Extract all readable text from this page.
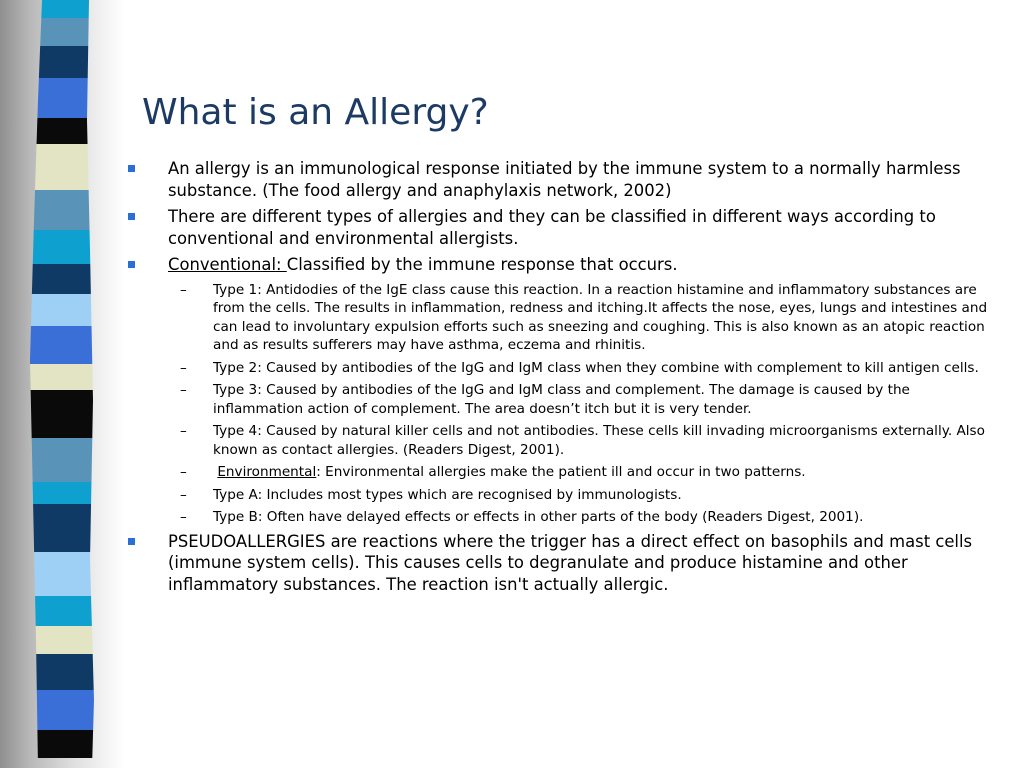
What is an Allergy?
An allergy is an immunological response initiated by the immune system to a normally harmless substance. (The food allergy and anaphylaxis network, 2002)
There are different types of allergies and they can be classified in different ways according to conventional and environmental allergists.
Conventional: Classified by the immune response that occurs.
– Type 1: Antidodies of the IgE class cause this reaction. In a reaction histamine and inflammatory substances are from the cells. The results in inflammation, redness and itching.It affects the nose, eyes, lungs and intestines and can lead to involuntary expulsion efforts such as sneezing and coughing. This is also known as an atopic reaction and as results sufferers may have asthma, eczema and rhinitis.
– Type 2: Caused by antibodies of the IgG and IgM class when they combine with complement to kill antigen cells.
– Type 3: Caused by antibodies of the IgG and IgM class and complement. The damage is caused by the inflammation action of complement. The area doesn’t itch but it is very tender.
– Type 4: Caused by natural killer cells and not antibodies. These cells kill invading microorganisms externally. Also known as contact allergies. (Readers Digest, 2001).
– Environmental: Environmental allergies make the patient ill and occur in two patterns.
– Type A: Includes most types which are recognised by immunologists.
– Type B: Often have delayed effects or effects in other parts of the body (Readers Digest, 2001).
PSEUDOALLERGIES are reactions where the trigger has a direct effect on basophils and mast cells (immune system cells). This causes cells to degranulate and produce histamine and other inflammatory substances. The reaction isn't actually allergic.
